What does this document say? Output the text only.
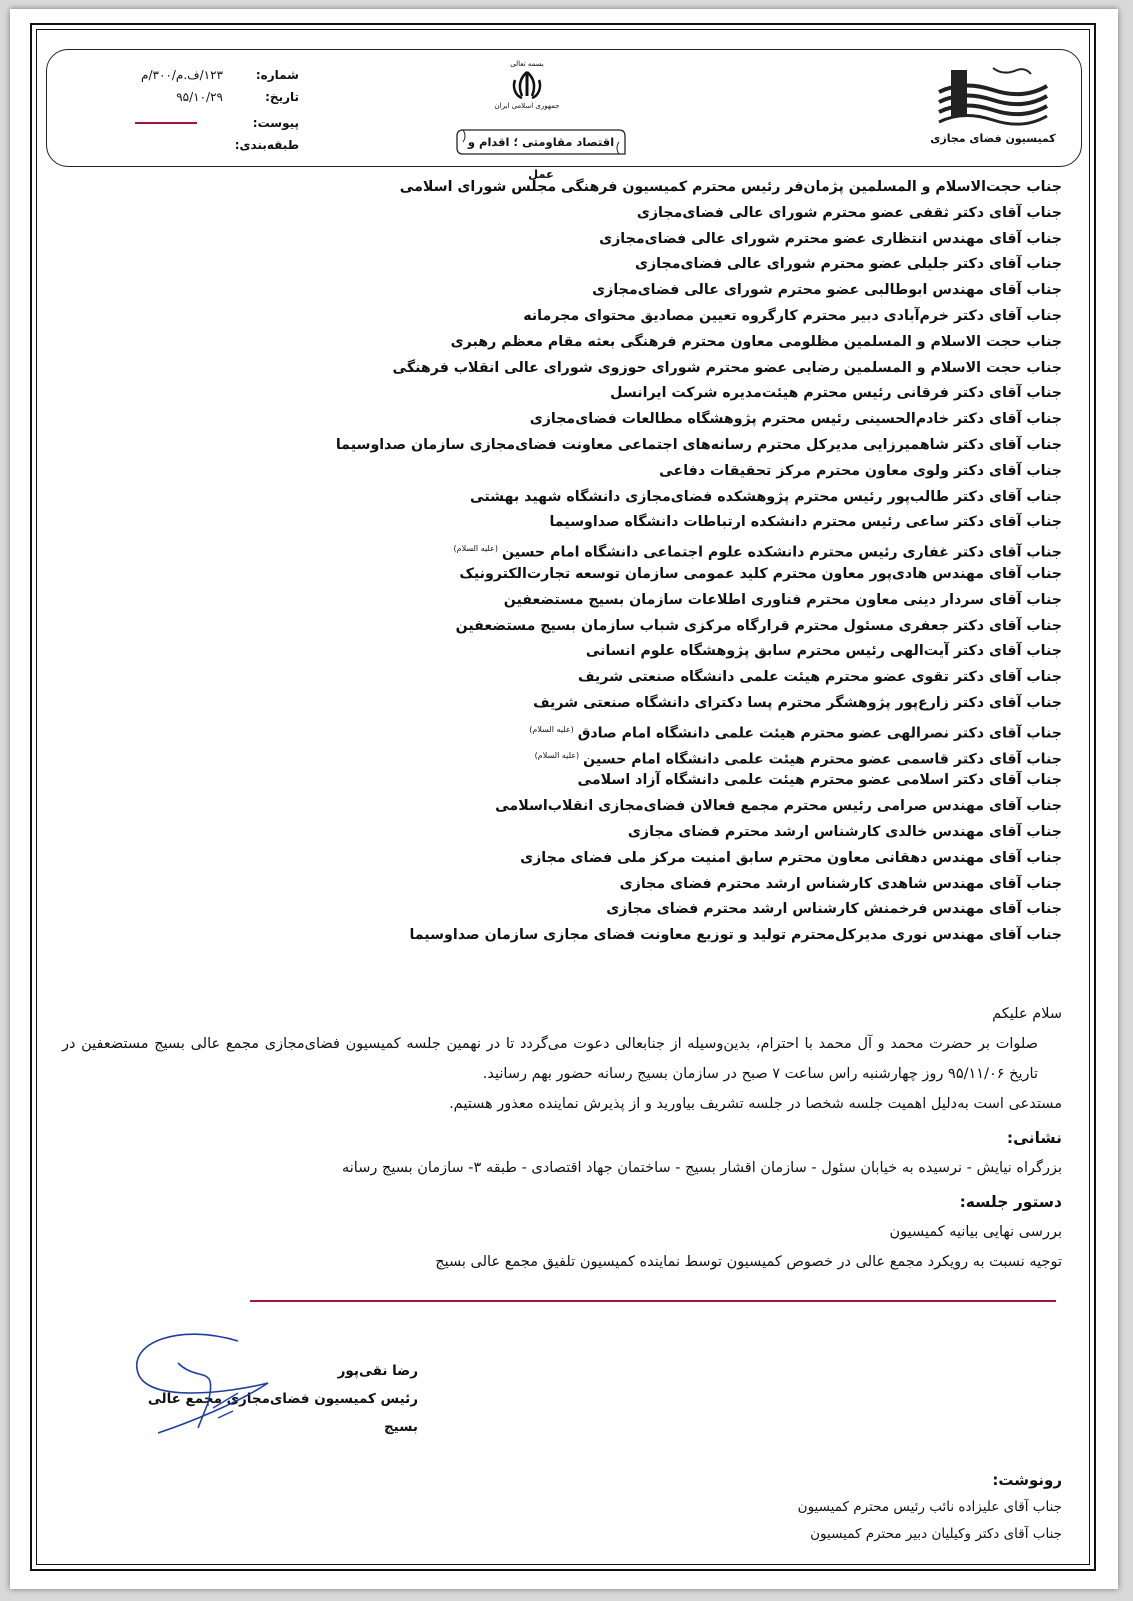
کمیسیون فضای مجازی
بسمه تعالی
جمهوری اسلامی ایران
اقتصاد مقاومتی ؛ اقدام و عمل
شماره:
۱۲۳/ف.م/۳۰۰/م
تاریخ:
۹۵/۱۰/۲۹
پیوست:
طبقه‌بندی:
جناب حجت‌الاسلام و المسلمین پژمان‌فر رئیس محترم کمیسیون فرهنگی مجلس شورای اسلامی
جناب آقای دکتر ثقفی عضو محترم شورای عالی فضای‌مجازی
جناب آقای مهندس انتظاری عضو محترم شورای عالی فضای‌مجازی
جناب آقای دکتر جلیلی عضو محترم شورای عالی فضای‌مجازی
جناب آقای مهندس ابوطالبی عضو محترم شورای عالی فضای‌مجازی
جناب آقای دکتر خرم‌آبادی دبیر محترم کارگروه تعیین مصادیق محتوای مجرمانه
جناب حجت الاسلام و المسلمین مظلومی معاون محترم فرهنگی بعثه مقام معظم رهبری
جناب حجت الاسلام و المسلمین رضایی عضو محترم شورای حوزوی شورای عالی انقلاب فرهنگی
جناب آقای دکتر فرقانی رئیس محترم هیئت‌مدیره شرکت ایرانسل
جناب آقای دکتر خادم‌الحسینی رئیس محترم پژوهشگاه مطالعات فضای‌مجازی
جناب آقای دکتر شاهمیرزایی مدیرکل محترم رسانه‌های اجتماعی معاونت فضای‌مجازی سازمان صداوسیما
جناب آقای دکتر ولوی معاون محترم مرکز تحقیقات دفاعی
جناب آقای دکتر طالب‌پور رئیس محترم پژوهشکده فضای‌مجازی دانشگاه شهید بهشتی
جناب آقای دکتر ساعی رئیس محترم دانشکده ارتباطات دانشگاه صداوسیما
جناب آقای دکتر غفاری رئیس محترم دانشکده علوم اجتماعی دانشگاه امام حسین$^{(علیه السلام)}$
جناب آقای مهندس هادی‌پور معاون محترم کلید عمومی سازمان توسعه تجارت‌الکترونیک
جناب آقای سردار دینی معاون محترم فناوری اطلاعات سازمان بسیج مستضعفین
جناب آقای دکتر جعفری مسئول محترم قرارگاه مرکزی شباب سازمان بسیج مستضعفین
جناب آقای دکتر آیت‌الهی رئیس محترم سابق پژوهشگاه علوم انسانی
جناب آقای دکتر تقوی عضو محترم هیئت علمی دانشگاه صنعتی شریف
جناب آقای دکتر زارع‌پور پژوهشگر محترم پسا دکترای دانشگاه صنعتی شریف
جناب آقای دکتر نصرالهی عضو محترم هیئت علمی دانشگاه امام صادق$^{(علیه السلام)}$
جناب آقای دکتر قاسمی عضو محترم هیئت علمی دانشگاه امام حسین$^{(علیه السلام)}$
جناب آقای دکتر اسلامی عضو محترم هیئت علمی دانشگاه آزاد اسلامی
جناب آقای مهندس صرامی رئیس محترم مجمع فعالان فضای‌مجازی انقلاب‌اسلامی
جناب آقای مهندس خالدی کارشناس ارشد محترم فضای مجازی
جناب آقای مهندس دهقانی معاون محترم سابق امنیت مرکز ملی فضای مجازی
جناب آقای مهندس شاهدی کارشناس ارشد محترم فضای مجازی
جناب آقای مهندس فرخمنش کارشناس ارشد محترم فضای مجازی
جناب آقای مهندس نوری مدیرکل‌محترم تولید و توزیع معاونت فضای مجازی سازمان صداوسیما

سلام علیکم

صلوات بر حضرت محمد و آل محمد با احترام، بدین‌وسیله از جنابعالی دعوت می‌گردد تا در نهمین جلسه کمیسیون فضای‌مجازی مجمع عالی بسیج مستضعفین در تاریخ ۹۵/۱۱/۰۶ روز چهارشنبه راس ساعت ۷ صبح در سازمان بسیج رسانه حضور بهم رسانید.

مستدعی است به‌دلیل اهمیت جلسه شخصا در جلسه تشریف بیاورید و از پذیرش نماینده معذور هستیم.

نشانی:

بزرگراه نیایش - نرسیده به خیابان سئول - سازمان اقشار بسیج - ساختمان جهاد اقتصادی - طبقه ۳- سازمان بسیج رسانه

دستور جلسه:

بررسی نهایی بیانیه کمیسیون

توجیه نسبت به رویکرد مجمع عالی در خصوص کمیسیون توسط نماینده کمیسیون تلفیق مجمع عالی بسیج

رضا نقی‌پور
رئیس کمیسیون فضای‌مجازی مجمع عالی بسیج
رونوشت:
جناب آقای علیزاده نائب رئیس محترم کمیسیون
جناب آقای دکتر وکیلیان دبیر محترم کمیسیون
